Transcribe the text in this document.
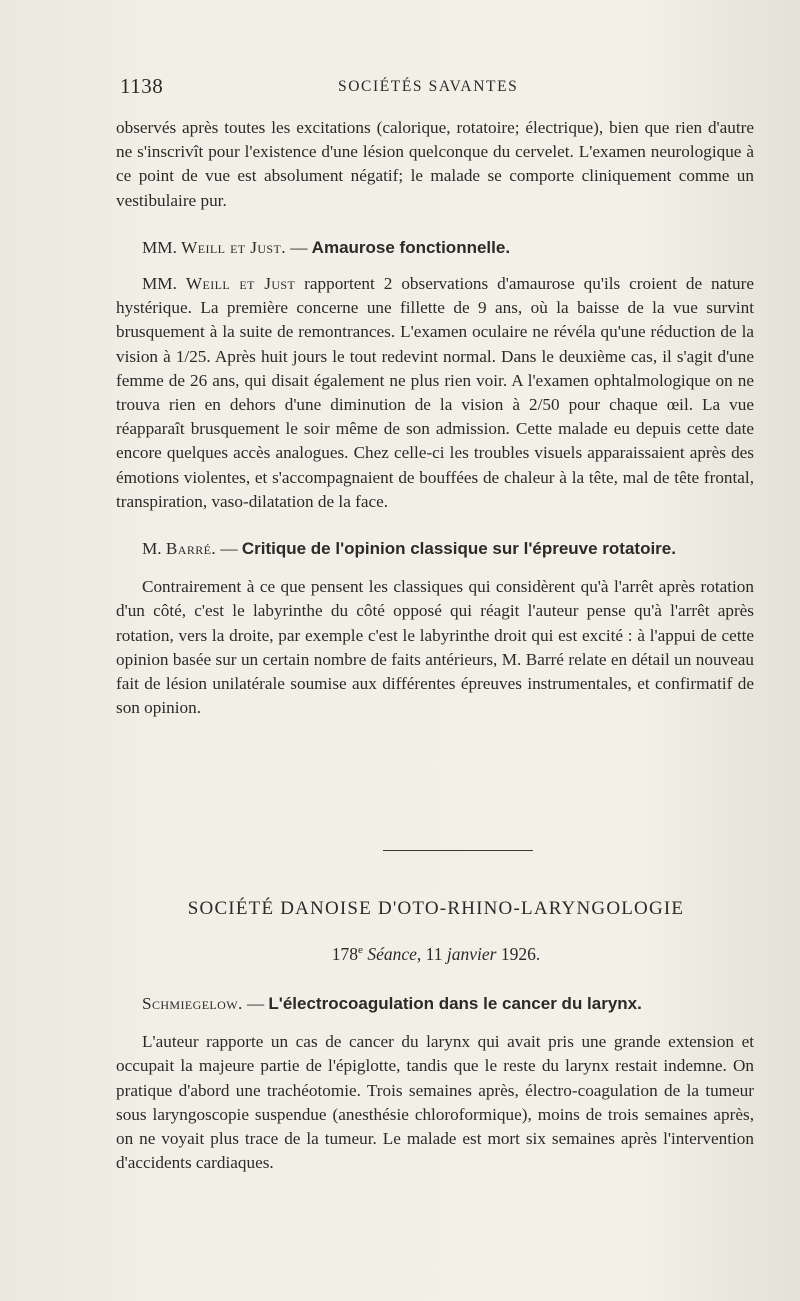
1138	SOCIÉTÉS SAVANTES

observés après toutes les excitations (calorique, rotatoire; électrique), bien que rien d'autre ne s'inscrivît pour l'existence d'une lésion quelconque du cervelet. L'examen neurologique à ce point de vue est absolument négatif; le malade se comporte cliniquement comme un vestibulaire pur.

MM. Weill et Just. — Amaurose fonctionnelle.

MM. Weill et Just rapportent 2 observations d'amaurose qu'ils croient de nature hystérique. La première concerne une fillette de 9 ans, où la baisse de la vue survint brusquement à la suite de remontrances. L'examen oculaire ne révéla qu'une réduction de la vision à 1/25. Après huit jours le tout redevint normal. Dans le deuxième cas, il s'agit d'une femme de 26 ans, qui disait également ne plus rien voir. A l'examen ophtalmologique on ne trouva rien en dehors d'une diminution de la vision à 2/50 pour chaque œil. La vue réapparaît brusquement le soir même de son admission. Cette malade eu depuis cette date encore quelques accès analogues. Chez celle-ci les troubles visuels apparaissaient après des émotions violentes, et s'accompagnaient de bouffées de chaleur à la tête, mal de tête frontal, transpiration, vaso-dilatation de la face.

M. Barré. — Critique de l'opinion classique sur l'épreuve rotatoire.

Contrairement à ce que pensent les classiques qui considèrent qu'à l'arrêt après rotation d'un côté, c'est le labyrinthe du côté opposé qui réagit l'auteur pense qu'à l'arrêt après rotation, vers la droite, par exemple c'est le labyrinthe droit qui est excité : à l'appui de cette opinion basée sur un certain nombre de faits antérieurs, M. Barré relate en détail un nouveau fait de lésion unilatérale soumise aux différentes épreuves instrumentales, et confirmatif de son opinion.

SOCIÉTÉ DANOISE D'OTO-RHINO-LARYNGOLOGIE
178e Séance, 11 janvier 1926.

Schmiegelow. — L'électrocoagulation dans le cancer du larynx.

L'auteur rapporte un cas de cancer du larynx qui avait pris une grande extension et occupait la majeure partie de l'épiglotte, tandis que le reste du larynx restait indemne. On pratique d'abord une trachéotomie. Trois semaines après, électro-coagulation de la tumeur sous laryngoscopie suspendue (anesthésie chloroformique), moins de trois semaines après, on ne voyait plus trace de la tumeur. Le malade est mort six semaines après l'intervention d'accidents cardiaques.
